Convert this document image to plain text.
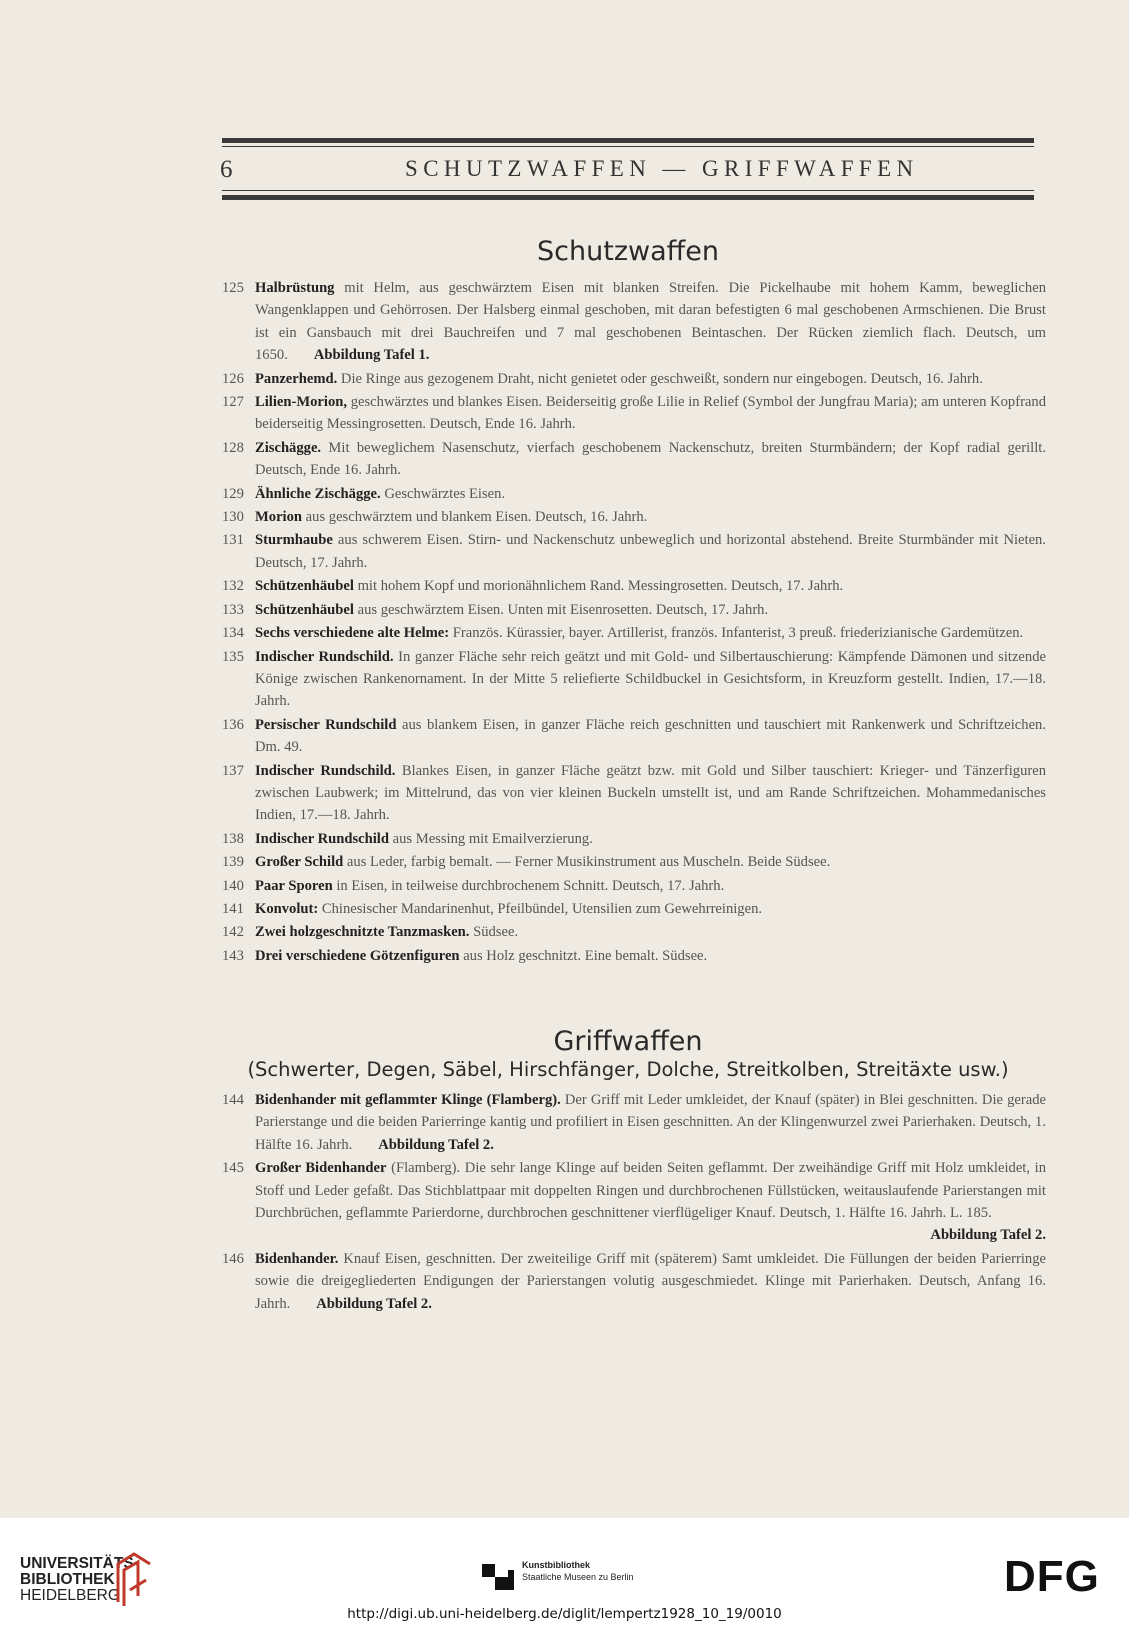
6	SCHUTZWAFFEN — GRIFFWAFFEN
Schutzwaffen
125 Halbrüstung mit Helm, aus geschwärztem Eisen mit blanken Streifen. Die Pickelhaube mit hohem Kamm, beweglichen Wangenklappen und Gehörrosen. Der Halsberg einmal geschoben, mit daran befestigten 6 mal geschobenen Armschienen. Die Brust ist ein Gansbauch mit drei Bauchreifen und 7 mal geschobenen Beintaschen. Der Rücken ziemlich flach. Deutsch, um 1650. Abbildung Tafel 1.
126 Panzerhemd. Die Ringe aus gezogenem Draht, nicht genietet oder geschweißt, sondern nur eingebogen. Deutsch, 16. Jahrh.
127 Lilien-Morion, geschwärztes und blankes Eisen. Beiderseitig große Lilie in Relief (Symbol der Jungfrau Maria); am unteren Kopfrand beiderseitig Messingrosetten. Deutsch, Ende 16. Jahrh.
128 Zischägge. Mit beweglichem Nasenschutz, vierfach geschobenem Nackenschutz, breiten Sturmbändern; der Kopf radial gerillt. Deutsch, Ende 16. Jahrh.
129 Ähnliche Zischägge. Geschwärztes Eisen.
130 Morion aus geschwärztem und blankem Eisen. Deutsch, 16. Jahrh.
131 Sturmhaube aus schwerem Eisen. Stirn- und Nackenschutz unbeweglich und horizontal abstehend. Breite Sturmbänder mit Nieten. Deutsch, 17. Jahrh.
132 Schützenhäubel mit hohem Kopf und morionähnlichem Rand. Messingrosetten. Deutsch, 17. Jahrh.
133 Schützenhäubel aus geschwärztem Eisen. Unten mit Eisenrosetten. Deutsch, 17. Jahrh.
134 Sechs verschiedene alte Helme: Französ. Kürassier, bayer. Artillerist, französ. Infanterist, 3 preuß. friederizianische Gardemützen.
135 Indischer Rundschild. In ganzer Fläche sehr reich geätzt und mit Gold- und Silbertauschierung: Kämpfende Dämonen und sitzende Könige zwischen Rankenornament. In der Mitte 5 reliefierte Schildbuckel in Gesichtsform, in Kreuzform gestellt. Indien, 17.—18. Jahrh.
136 Persischer Rundschild aus blankem Eisen, in ganzer Fläche reich geschnitten und tauschiert mit Rankenwerk und Schriftzeichen. Dm. 49.
137 Indischer Rundschild. Blankes Eisen, in ganzer Fläche geätzt bzw. mit Gold und Silber tauschiert: Krieger- und Tänzerfiguren zwischen Laubwerk; im Mittelrund, das von vier kleinen Buckeln umstellt ist, und am Rande Schriftzeichen. Mohammedanisches Indien, 17.—18. Jahrh.
138 Indischer Rundschild aus Messing mit Emailverzierung.
139 Großer Schild aus Leder, farbig bemalt. — Ferner Musikinstrument aus Muscheln. Beide Südsee.
140 Paar Sporen in Eisen, in teilweise durchbrochenem Schnitt. Deutsch, 17. Jahrh.
141 Konvolut: Chinesischer Mandarinenhut, Pfeilbündel, Utensilien zum Gewehrreinigen.
142 Zwei holzgeschnitzte Tanzmasken. Südsee.
143 Drei verschiedene Götzenfiguren aus Holz geschnitzt. Eine bemalt. Südsee.
Griffwaffen
(Schwerter, Degen, Säbel, Hirschfänger, Dolche, Streitkolben, Streitäxte usw.)
144 Bidenhander mit geflammter Klinge (Flamberg). Der Griff mit Leder umkleidet, der Knauf (später) in Blei geschnitten. Die gerade Parierstange und die beiden Parierringe kantig und profiliert in Eisen geschnitten. An der Klingenwurzel zwei Parierhaken. Deutsch, 1. Hälfte 16. Jahrh. Abbildung Tafel 2.
145 Großer Bidenhander (Flamberg). Die sehr lange Klinge auf beiden Seiten geflammt. Der zweihändige Griff mit Holz umkleidet, in Stoff und Leder gefaßt. Das Stichblattpaar mit doppelten Ringen und durchbrochenen Füllstücken, weitauslaufende Parierstangen mit Durchbrüchen, geflammte Parierdorne, durchbrochen geschnittener vierflügeliger Knauf. Deutsch, 1. Hälfte 16. Jahrh. L. 185.
Abbildung Tafel 2.
146 Bidenhander. Knauf Eisen, geschnitten. Der zweiteilige Griff mit (späterem) Samt umkleidet. Die Füllungen der beiden Parierringe sowie die dreigegliederten Endigungen der Parierstangen volutig ausgeschmiedet. Klinge mit Parierhaken. Deutsch, Anfang 16. Jahrh. Abbildung Tafel 2.
UNIVERSITÄTS-
BIBLIOTHEK
HEIDELBERG
Kunstbibliothek
Staatliche Museen zu Berlin	DFG
http://digi.ub.uni-heidelberg.de/diglit/lempertz1928_10_19/0010
